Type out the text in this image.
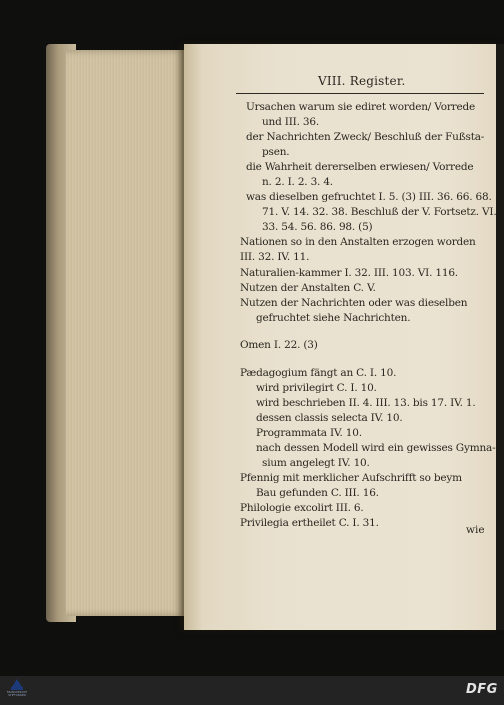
VIII. Register.
Ursachen warum sie ediret worden/ Vorrede
und III. 36.
der Nachrichten Zweck/ Beschluß der Fußsta-
psen.
die Wahrheit dererselben erwiesen/ Vorrede
n. 2. I. 2. 3. 4.
was dieselben gefruchtet I. 5. (3) III. 36. 66. 68.
71. V. 14. 32. 38. Beschluß der V. Fortsetz. VI.
33. 54. 56. 86. 98. (5)
Nationen so in den Anstalten erzogen worden
III. 32. IV. 11.
Naturalien-kammer I. 32. III. 103. VI. 116.
Nutzen der Anstalten C. V.
Nutzen der Nachrichten oder was dieselben
gefruchtet siehe Nachrichten.
Omen I. 22. (3)
Pædagogium fängt an C. I. 10.
wird privilegirt C. I. 10.
wird beschrieben II. 4. III. 13. bis 17. IV. 1.
dessen classis selecta IV. 10.
Programmata IV. 10.
nach dessen Modell wird ein gewisses Gymna-
sium angelegt IV. 10.
Pfennig mit merklicher Aufschrifft so beym
Bau gefunden C. III. 16.
Philologie excolirt III. 6.
Privilegia ertheilet C. I. 31.
wie
FRANCKESCHE STIFTUNGEN	DFG
